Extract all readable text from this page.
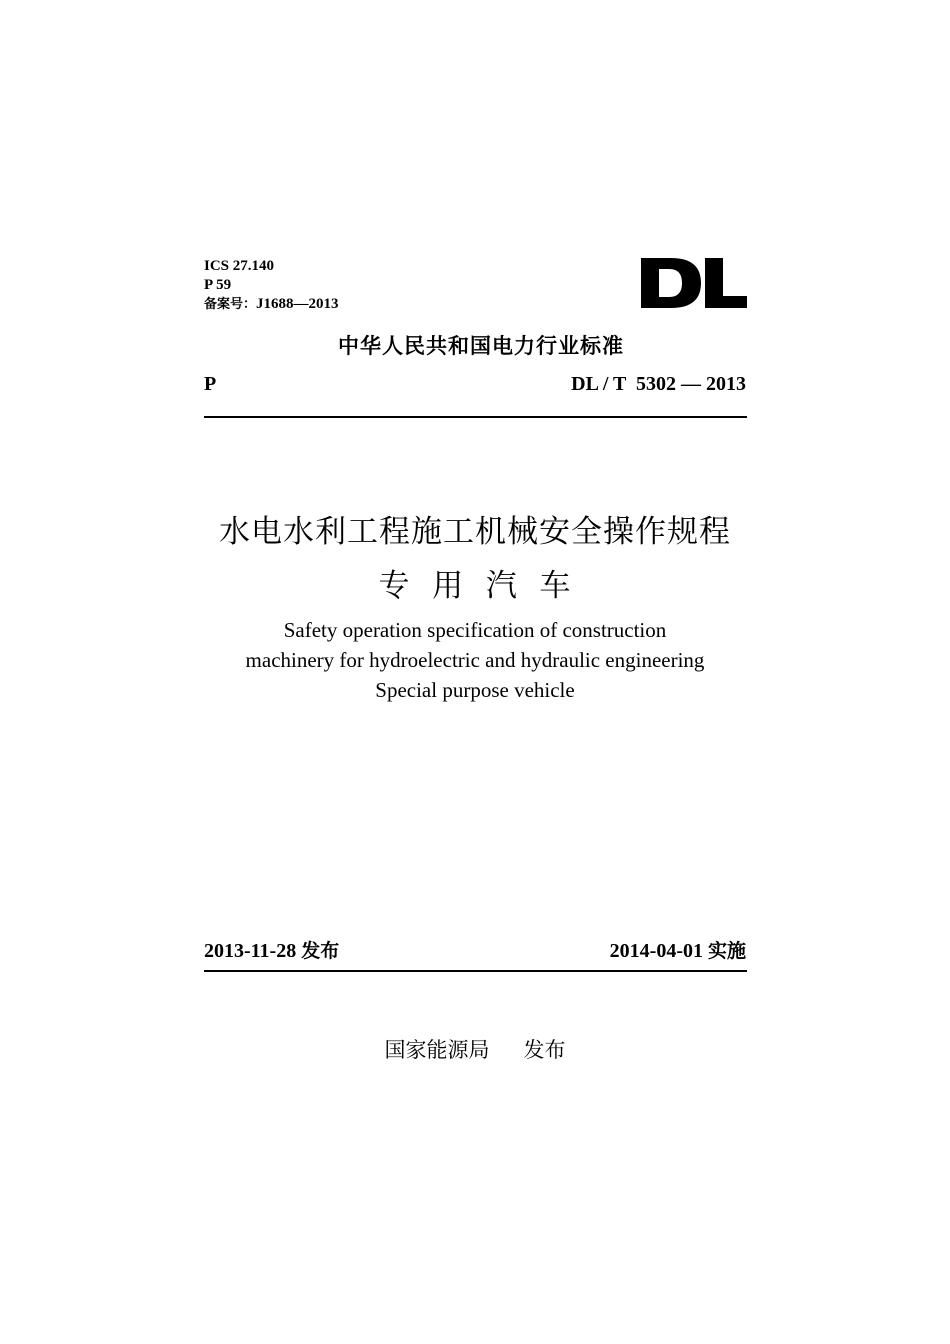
ICS 27.140
P 59
备案号：J1688—2013
中华人民共和国电力行业标准
P	DL / T  5302 — 2013
水电水利工程施工机械安全操作规程
专  用  汽  车
Safety operation specification of construction
machinery for hydroelectric and hydraulic engineering
Special purpose vehicle
2013-11-28 发布	2014-04-01 实施
国家能源局 发布
